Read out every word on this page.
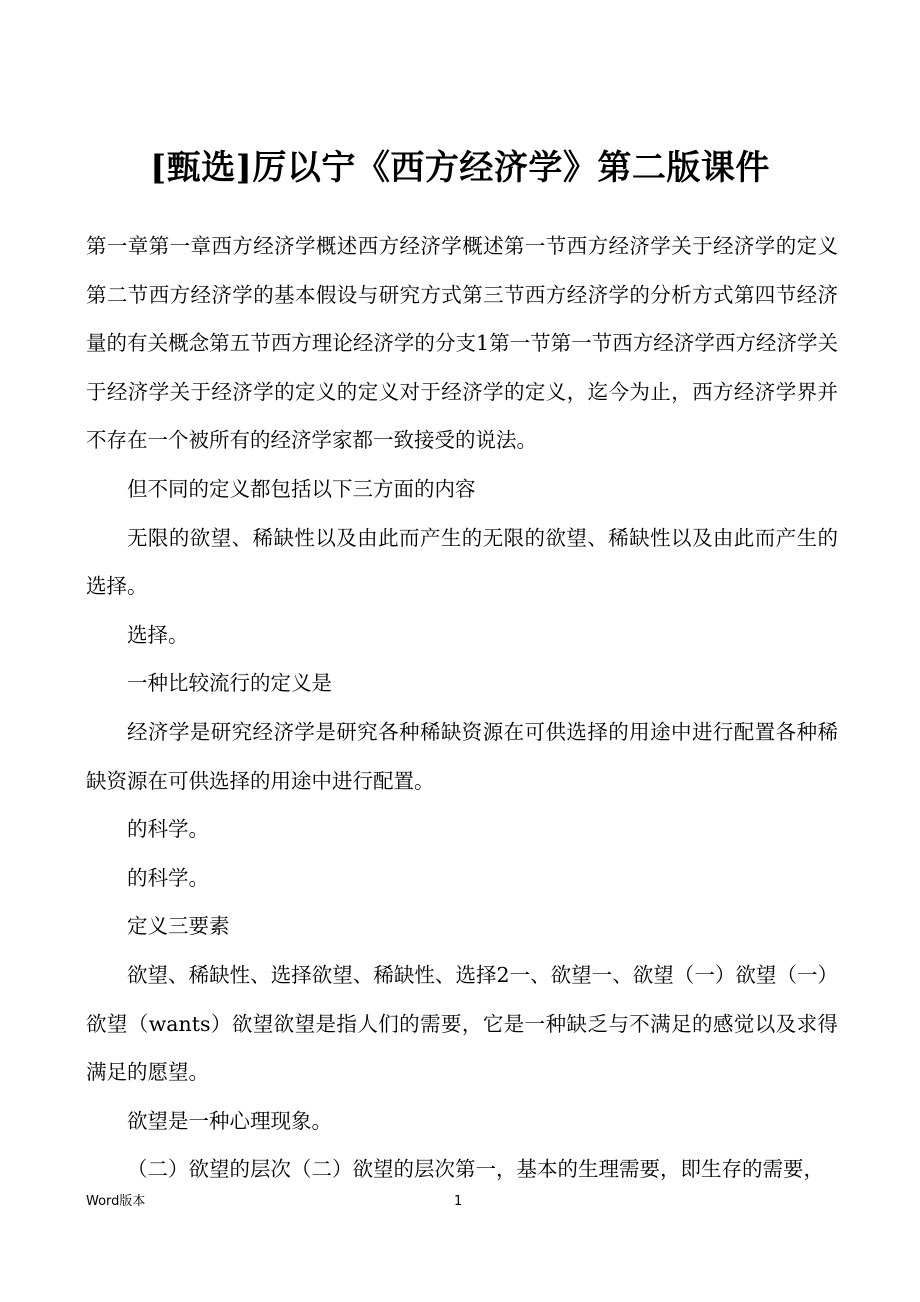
[甄选]厉以宁《西方经济学》第二版课件

第一章第一章西方经济学概述西方经济学概述第一节西方经济学关于经济学的定义第二节西方经济学的基本假设与研究方式第三节西方经济学的分析方式第四节经济量的有关概念第五节西方理论经济学的分支1第一节第一节西方经济学西方经济学关于经济学关于经济学的定义的定义对于经济学的定义，迄今为止，西方经济学界并不存在一个被所有的经济学家都一致接受的说法。

但不同的定义都包括以下三方面的内容

无限的欲望、稀缺性以及由此而产生的无限的欲望、稀缺性以及由此而产生的选择。

选择。

一种比较流行的定义是

经济学是研究经济学是研究各种稀缺资源在可供选择的用途中进行配置各种稀缺资源在可供选择的用途中进行配置。

的科学。

的科学。

定义三要素

欲望、稀缺性、选择欲望、稀缺性、选择2一、欲望一、欲望（一）欲望（一）欲望（wants）欲望欲望是指人们的需要，它是一种缺乏与不满足的感觉以及求得满足的愿望。

欲望是一种心理现象。

（二）欲望的层次（二）欲望的层次第一，基本的生理需要，即生存的需要，

Word版本	1
